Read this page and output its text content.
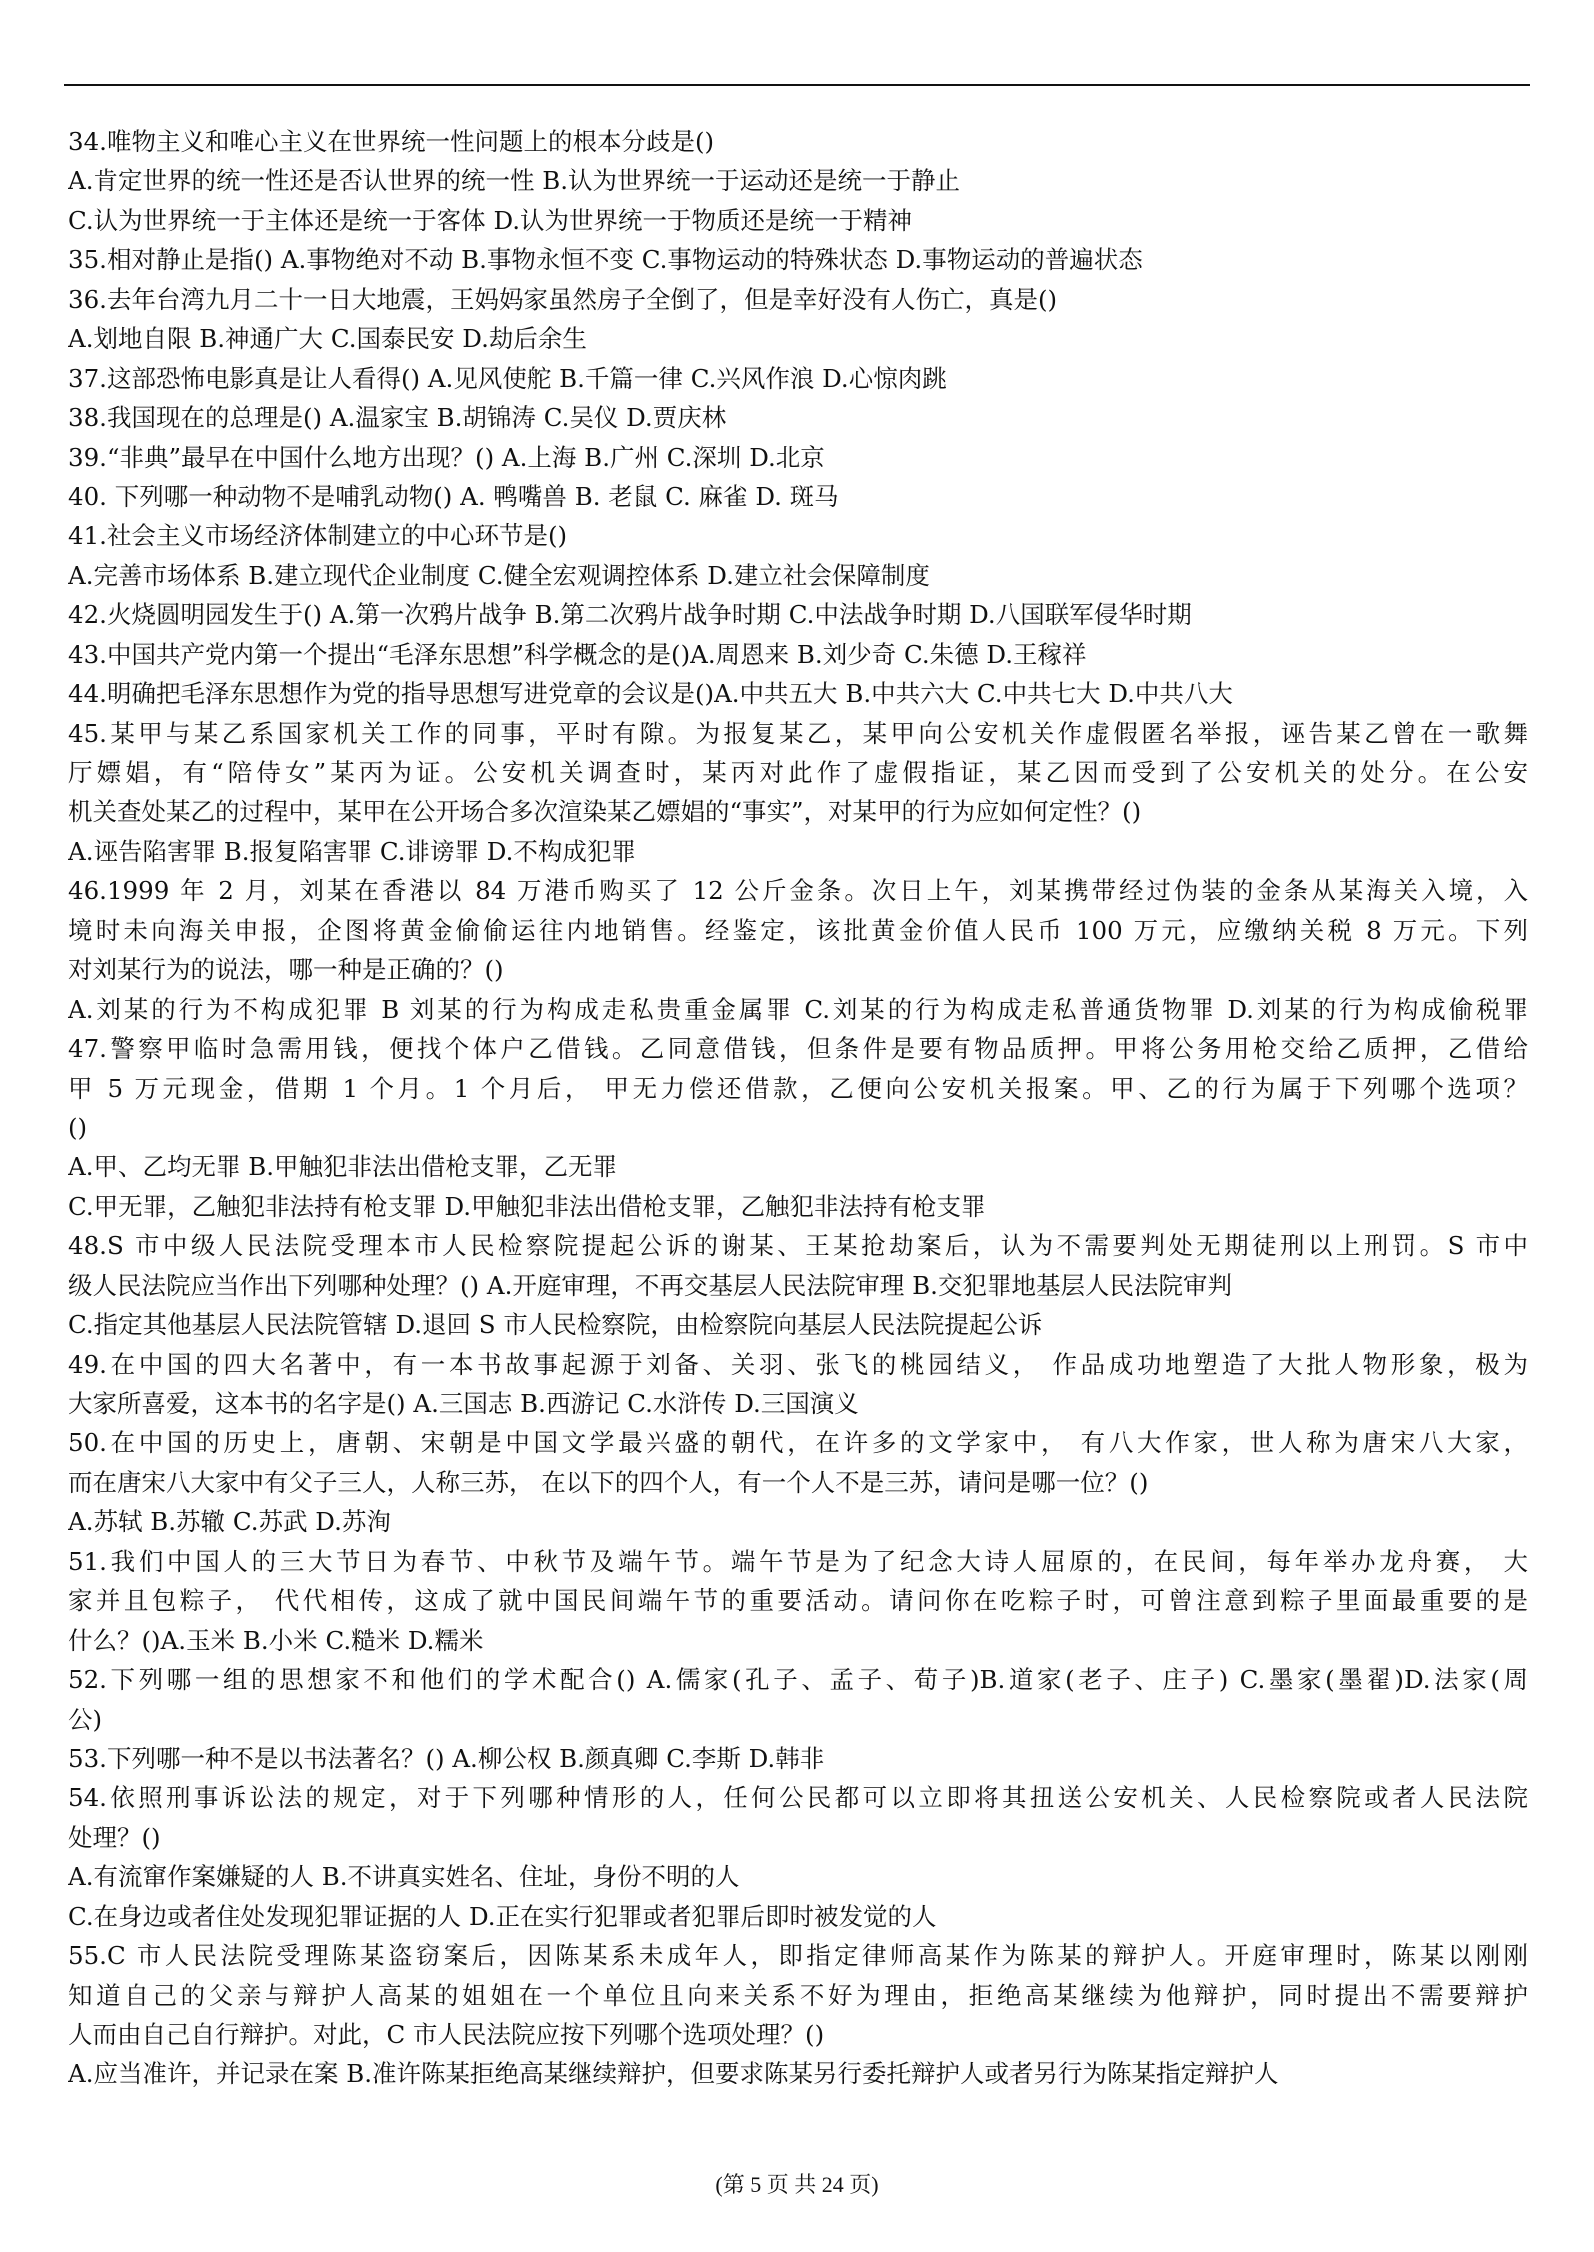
34.唯物主义和唯心主义在世界统一性问题上的根本分歧是()
A.肯定世界的统一性还是否认世界的统一性 B.认为世界统一于运动还是统一于静止
C.认为世界统一于主体还是统一于客体 D.认为世界统一于物质还是统一于精神
35.相对静止是指() A.事物绝对不动 B.事物永恒不变 C.事物运动的特殊状态 D.事物运动的普遍状态
36.去年台湾九月二十一日大地震，王妈妈家虽然房子全倒了，但是幸好没有人伤亡，真是()
A.划地自限 B.神通广大 C.国泰民安 D.劫后余生
37.这部恐怖电影真是让人看得() A.见风使舵 B.千篇一律 C.兴风作浪 D.心惊肉跳
38.我国现在的总理是() A.温家宝 B.胡锦涛 C.吴仪 D.贾庆林
39.“非典”最早在中国什么地方出现？() A.上海 B.广州 C.深圳 D.北京
40. 下列哪一种动物不是哺乳动物() A. 鸭嘴兽 B. 老鼠 C. 麻雀 D. 斑马
41.社会主义市场经济体制建立的中心环节是()
A.完善市场体系 B.建立现代企业制度 C.健全宏观调控体系 D.建立社会保障制度
42.火烧圆明园发生于() A.第一次鸦片战争 B.第二次鸦片战争时期 C.中法战争时期 D.八国联军侵华时期
43.中国共产党内第一个提出“毛泽东思想”科学概念的是()A.周恩来 B.刘少奇 C.朱德 D.王稼祥
44.明确把毛泽东思想作为党的指导思想写进党章的会议是()A.中共五大 B.中共六大 C.中共七大 D.中共八大
45.某甲与某乙系国家机关工作的同事，平时有隙。为报复某乙，某甲向公安机关作虚假匿名举报，诬告某乙曾在一歌舞
厅嫖娼，有“陪侍女”某丙为证。公安机关调查时，某丙对此作了虚假指证，某乙因而受到了公安机关的处分。在公安
机关查处某乙的过程中，某甲在公开场合多次渲染某乙嫖娼的“事实”，对某甲的行为应如何定性？()
A.诬告陷害罪 B.报复陷害罪 C.诽谤罪 D.不构成犯罪
46.1999 年 2 月，刘某在香港以 84 万港币购买了 12 公斤金条。次日上午，刘某携带经过伪装的金条从某海关入境，入
境时未向海关申报，企图将黄金偷偷运往内地销售。经鉴定，该批黄金价值人民币 100 万元，应缴纳关税 8 万元。下列
对刘某行为的说法，哪一种是正确的？()
A.刘某的行为不构成犯罪 B 刘某的行为构成走私贵重金属罪 C.刘某的行为构成走私普通货物罪 D.刘某的行为构成偷税罪
47.警察甲临时急需用钱，便找个体户乙借钱。乙同意借钱，但条件是要有物品质押。甲将公务用枪交给乙质押，乙借给
甲 5 万元现金，借期 1 个月。1 个月后， 甲无力偿还借款，乙便向公安机关报案。甲、乙的行为属于下列哪个选项？
()
A.甲、乙均无罪 B.甲触犯非法出借枪支罪，乙无罪
C.甲无罪，乙触犯非法持有枪支罪 D.甲触犯非法出借枪支罪，乙触犯非法持有枪支罪
48.S 市中级人民法院受理本市人民检察院提起公诉的谢某、王某抢劫案后，认为不需要判处无期徒刑以上刑罚。S 市中
级人民法院应当作出下列哪种处理？() A.开庭审理，不再交基层人民法院审理 B.交犯罪地基层人民法院审判
C.指定其他基层人民法院管辖 D.退回 S 市人民检察院，由检察院向基层人民法院提起公诉
49.在中国的四大名著中，有一本书故事起源于刘备、关羽、张飞的桃园结义， 作品成功地塑造了大批人物形象，极为
大家所喜爱，这本书的名字是() A.三国志 B.西游记 C.水浒传 D.三国演义
50.在中国的历史上，唐朝、宋朝是中国文学最兴盛的朝代，在许多的文学家中， 有八大作家，世人称为唐宋八大家，
而在唐宋八大家中有父子三人，人称三苏， 在以下的四个人，有一个人不是三苏，请问是哪一位？()
A.苏轼 B.苏辙 C.苏武 D.苏洵
51.我们中国人的三大节日为春节、中秋节及端午节。端午节是为了纪念大诗人屈原的，在民间，每年举办龙舟赛， 大
家并且包粽子， 代代相传，这成了就中国民间端午节的重要活动。请问你在吃粽子时，可曾注意到粽子里面最重要的是
什么？()A.玉米 B.小米 C.糙米 D.糯米
52.下列哪一组的思想家不和他们的学术配合() A.儒家(孔子、孟子、荀子)B.道家(老子、庄子) C.墨家(墨翟)D.法家(周
公)
53.下列哪一种不是以书法著名？() A.柳公权 B.颜真卿 C.李斯 D.韩非
54.依照刑事诉讼法的规定，对于下列哪种情形的人，任何公民都可以立即将其扭送公安机关、人民检察院或者人民法院
处理？()
A.有流窜作案嫌疑的人 B.不讲真实姓名、住址，身份不明的人
C.在身边或者住处发现犯罪证据的人 D.正在实行犯罪或者犯罪后即时被发觉的人
55.C 市人民法院受理陈某盗窃案后，因陈某系未成年人，即指定律师高某作为陈某的辩护人。开庭审理时，陈某以刚刚
知道自己的父亲与辩护人高某的姐姐在一个单位且向来关系不好为理由，拒绝高某继续为他辩护，同时提出不需要辩护
人而由自己自行辩护。对此，C 市人民法院应按下列哪个选项处理？()
A.应当准许，并记录在案 B.准许陈某拒绝高某继续辩护，但要求陈某另行委托辩护人或者另行为陈某指定辩护人
(第 5 页 共 24 页)
